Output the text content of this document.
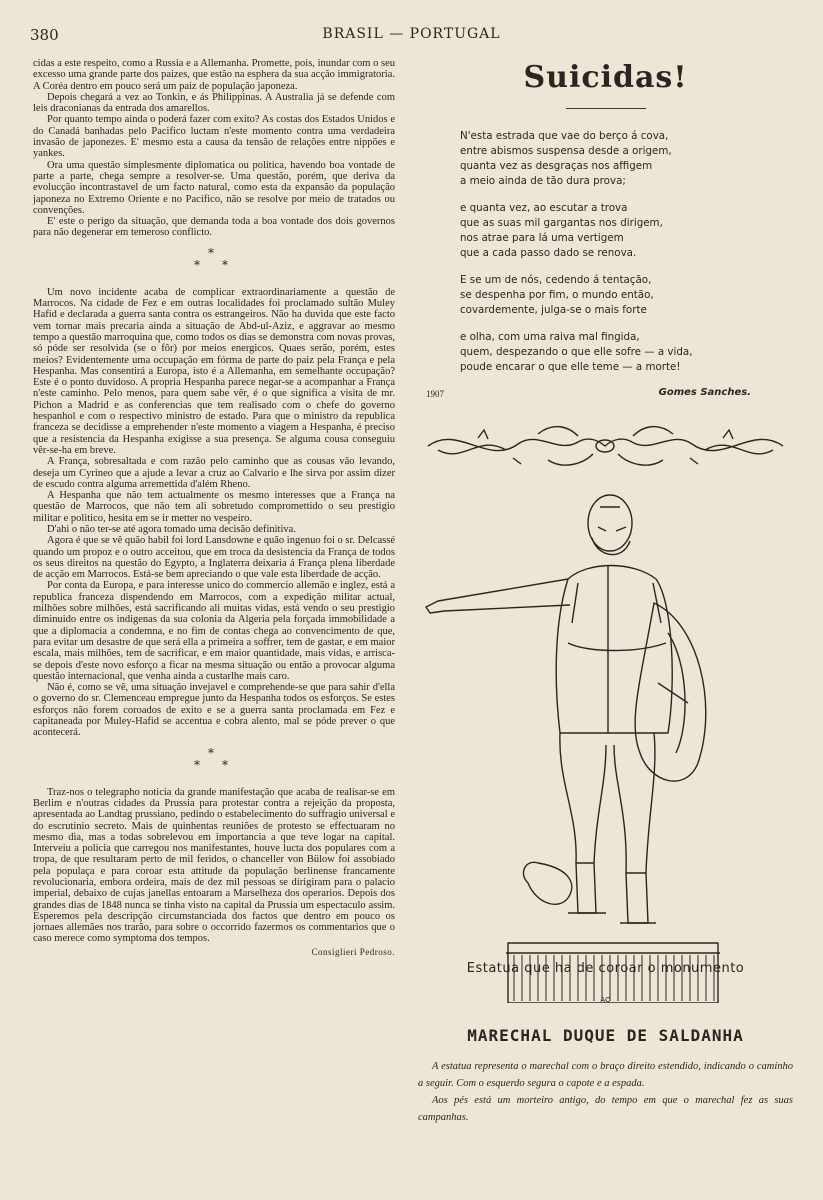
380	BRASIL — PORTUGAL

cidas a este respeito, como a Russia e a Allemanha. Promette, pois, inundar com o seu excesso uma grande parte dos paizes, que estão na esphera da sua acção immigratoria. A Coréa dentro em pouco será um paiz de população japoneza.

Depois chegará a vez ao Tonkin, e ás Philippinas. A Australia já se defende com leis draconianas da entrada dos amarellos.

Por quanto tempo ainda o poderá fazer com exito? As costas dos Estados Unidos e do Canadá banhadas pelo Pacifico luctam n'este momento contra uma verdadeira invasão de japonezes. E' mesmo esta a causa da tensão de relações entre nippões e yankes.

Ora uma questão simplesmente diplomatica ou politica, havendo boa vontade de parte a parte, chega sempre a resolver-se. Uma questão, porém, que deriva da evolucção incontrastavel de um facto natural, como esta da expansão da população japoneza no Extremo Oriente e no Pacifico, não se resolve por meio de tratados ou convenções.

E' este o perigo da situação, que demanda toda a boa vontade dos dois governos para não degenerar em temeroso conflicto.

*
* *

Um novo incidente acaba de complicar extraordinariamente a questão de Marrocos. Na cidade de Fez e em outras localidades foi proclamado sultão Muley Hafid e declarada a guerra santa contra os estrangeiros. Não ha duvida que este facto vem tornar mais precaria ainda a situação de Abd-ul-Aziz, e aggravar ao mesmo tempo a questão marroquina que, como todos os dias se demonstra com novas provas, só póde ser resolvida (se o fôr) por meios energicos. Quaes serão, porém, estes meios? Evidentemente uma occupação em fórma de parte do paiz pela França e pela Hespanha. Mas consentirá a Europa, isto é a Allemanha, em semelhante occupação? Este é o ponto duvidoso. A propria Hespanha parece negar-se a acompanhar a França n'este caminho. Pelo menos, para quem sabe vêr, é o que significa a visita de mr. Pichon a Madrid e as conferencias que tem realisado com o chefe do governo hespanhol e com o respectivo ministro de estado. Para que o ministro da republica franceza se decidisse a emprehender n'este momento a viagem a Hespanha, é preciso que a resistencia da Hespanha exigisse a sua presença. Se alguma cousa conseguiu vêr-se-ha em breve.

A França, sobresaltada e com razão pelo caminho que as cousas vão levando, deseja um Cyrineo que a ajude a levar a cruz ao Calvario e lhe sirva por assim dizer de escudo contra alguma arremettida d'além Rheno.

A Hespanha que não tem actualmente os mesmo interesses que a França na questão de Marrocos, que não tem ali sobretudo compromettido o seu prestigio militar e politico, hesita em se ir metter no vespeiro.

D'ahi o não ter-se até agora tomado uma decisão definitiva.

Agora é que se vê quão habil foi lord Lansdowne e quão ingenuo foi o sr. Delcassé quando um propoz e o outro acceitou, que em troca da desistencia da França de todos os seus direitos na questão do Egypto, a Inglaterra deixaria á França plena liberdade de acção em Marrocos. Está-se bem apreciando o que vale esta liberdade de acção.

Por conta da Europa, e para interesse unico do commercio allemão e inglez, está a republica franceza dispendendo em Marrocos, com a expedição militar actual, milhões sobre milhões, está sacrificando ali muitas vidas, está vendo o seu prestigio diminuido entre os indigenas da sua colonia da Algeria pela forçada immobilidade a que a diplomacia a condemna, e no fim de contas chega ao convencimento de que, para evitar um desastre de que será ella a primeira a soffrer, tem de gastar, e em maior escala, mais milhões, tem de sacrificar, e em maior quantidade, mais vidas, e arrisca-se depois d'este novo esforço a ficar na mesma situação ou então a provocar alguma questão internacional, que venha ainda a custarlhe mais caro.

Não é, como se vê, uma situação invejavel e comprehende-se que para sahir d'ella o governo do sr. Clemenceau empregue junto da Hespanha todos os esforços. Se estes esforços não forem coroados de exito e se a guerra santa proclamada em Fez e capitaneada por Muley-Hafid se accentua e cobra alento, mal se póde prever o que acontecerá.

*
* *

Traz-nos o telegrapho noticia da grande manifestação que acaba de realisar-se em Berlim e n'outras cidades da Prussia para protestar contra a rejeição da proposta, apresentada ao Landtag prussiano, pedindo o estabelecimento do suffragio universal e do escrutinio secreto. Mais de quinhentas reuniões de protesto se effectuaram no mesmo dia, mas a todas sobrelevou em importancia a que teve logar na capital. Interveiu a policia que carregou nos manifestantes, houve lucta dos populares com a tropa, de que resultaram perto de mil feridos, o chanceller von Bülow foi assobiado pela populaça e para coroar esta attitude da população berlinense francamente revolucionaria, embora ordeira, mais de dez mil pessoas se dirigiram para o palacio imperial, debaixo de cujas janellas entoaram a Marselheza dos operarios. Depois dos grandes dias de 1848 nunca se tinha visto na capital da Prussia um espectaculo assim. Esperemos pela descripção circumstanciada dos factos que dentro em pouco os jornaes allemães nos trarão, para sobre o occorrido fazermos os commentarios que o caso merece como symptoma dos tempos.

Consiglieri Pedroso.

Suicidas!
N'esta estrada que vae do berço á cova,
entre abismos suspensa desde a origem,
quanta vez as desgraças nos affigem
a meio ainda de tão dura prova;
e quanta vez, ao escutar a trova
que as suas mil gargantas nos dirigem,
nos atrae para lá uma vertigem
que a cada passo dado se renova.
E se um de nós, cedendo á tentação,
se despenha por fim, o mundo então,
covardemente, julga-se o mais forte
e olha, com uma raiva mal fingida,
quem, despezando o que elle sofre — a vida,
poude encarar o que elle teme — a morte!
1907	Gomes Sanches.
Estatua que ha de coroar o monumento
AO
MARECHAL DUQUE DE SALDANHA

A estatua representa o marechal com o braço direito estendido, indicando o caminho a seguir. Com o esquerdo segura o capote e a espada.

Aos pés está um morteiro antigo, do tempo em que o marechal fez as suas campanhas.
